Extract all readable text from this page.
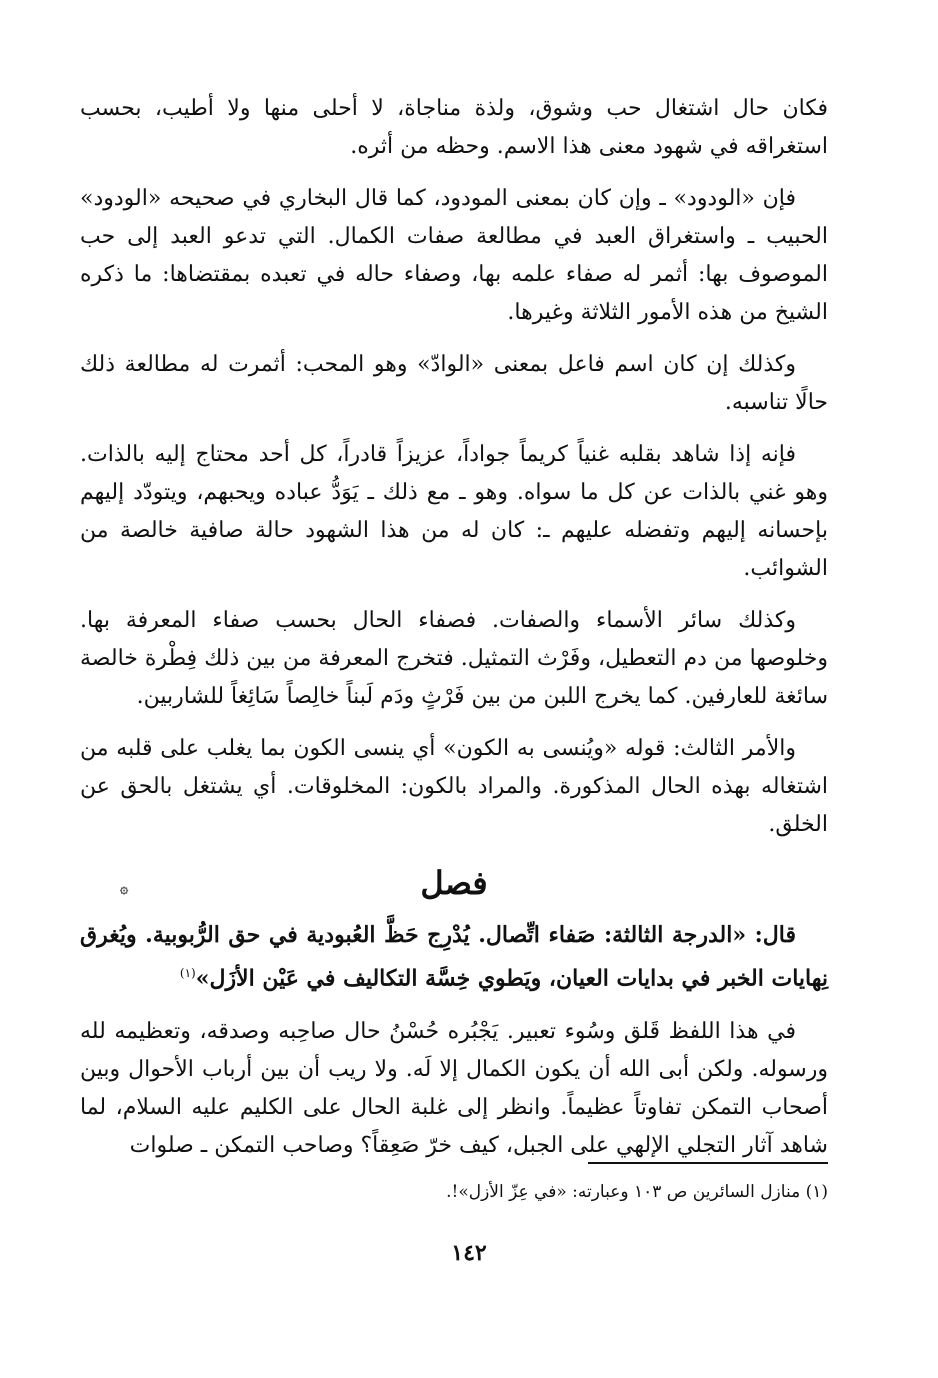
فكان حال اشتغال حب وشوق، ولذة مناجاة، لا أحلى منها ولا أطيب، بحسب استغراقه في شهود معنى هذا الاسم. وحظه من أثره.

فإن «الودود» ـ وإن كان بمعنى المودود، كما قال البخاري في صحيحه «الودود» الحبيب ـ واستغراق العبد في مطالعة صفات الكمال. التي تدعو العبد إلى حب الموصوف بها: أثمر له صفاء علمه بها، وصفاء حاله في تعبده بمقتضاها: ما ذكره الشيخ من هذه الأمور الثلاثة وغيرها.

وكذلك إن كان اسم فاعل بمعنى «الوادّ» وهو المحب: أثمرت له مطالعة ذلك حالًا تناسبه.

فإنه إذا شاهد بقلبه غنياً كريماً جواداً، عزيزاً قادراً، كل أحد محتاج إليه بالذات. وهو غني بالذات عن كل ما سواه. وهو ـ مع ذلك ـ يَوَدُّ عباده ويحبهم، ويتودّد إليهم بإحسانه إليهم وتفضله عليهم ـ: كان له من هذا الشهود حالة صافية خالصة من الشوائب.

وكذلك سائر الأسماء والصفات. فصفاء الحال بحسب صفاء المعرفة بها. وخلوصها من دم التعطيل، وفَرْث التمثيل. فتخرج المعرفة من بين ذلك فِطْرة خالصة سائغة للعارفين. كما يخرج اللبن من بين فَرْثٍ ودَم لَبناً خالِصاً سَائِغاً للشاربين.

والأمر الثالث: قوله «ويُنسى به الكون» أي ينسى الكون بما يغلب على قلبه من اشتغاله بهذه الحال المذكورة. والمراد بالكون: المخلوقات. أي يشتغل بالحق عن الخلق.

فصل
۞

قال: «الدرجة الثالثة: صَفاء اتِّصال. يُدْرِج حَظَّ العُبودية في حق الرُّبوبية. ويُغرق نِهايات الخبر في بدايات العيان، ويَطوي خِسَّة التكاليف في عَيْن الأزَل»$^{(١)}$

في هذا اللفظ قَلق وسُوء تعبير. يَجْبُره حُسْنُ حال صاحِبه وصدقه، وتعظيمه لله ورسوله. ولكن أبى الله أن يكون الكمال إلا لَه. ولا ريب أن بين أرباب الأحوال وبين أصحاب التمكن تفاوتاً عظيماً. وانظر إلى غلبة الحال على الكليم عليه السلام، لما شاهد آثار التجلي الإلهي على الجبل، كيف خرّ صَعِقاً؟ وصاحب التمكن ـ صلوات

(١) منازل السائرين ص ١٠٣ وعبارته: «في عِزّ الأزل»!.
١٤٢
